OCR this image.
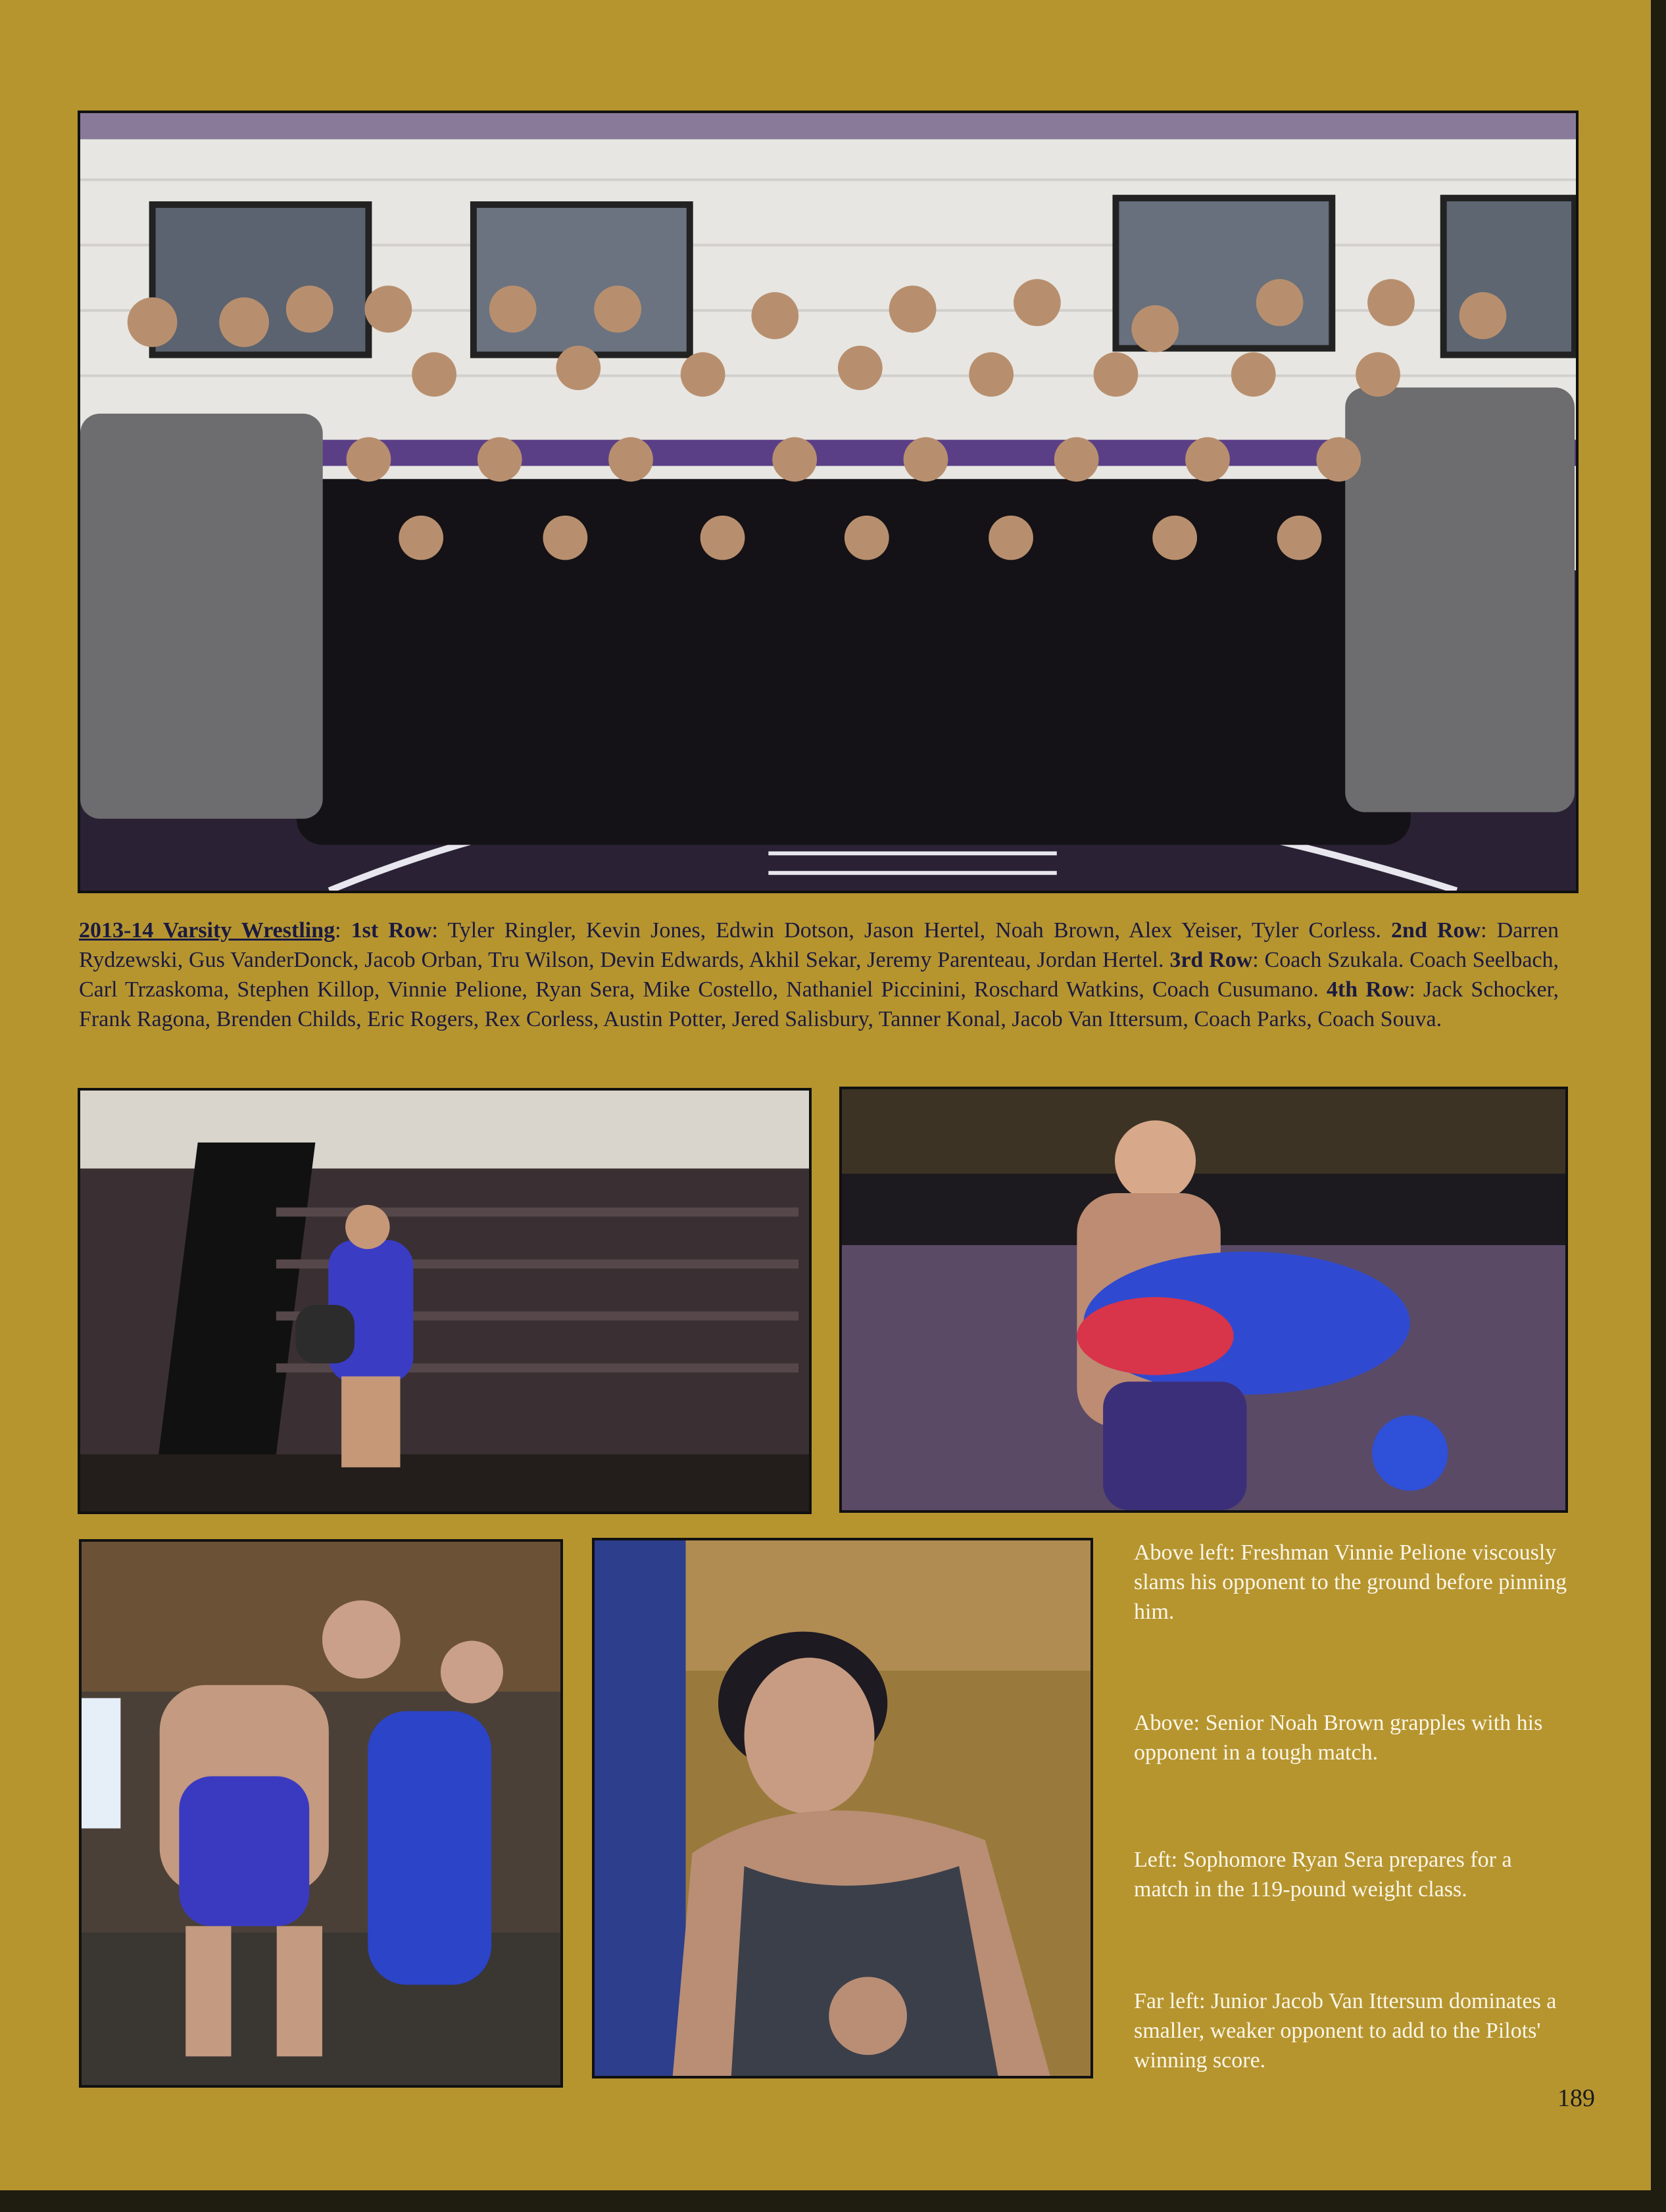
2013-14 Varsity Wrestling: 1st Row: Tyler Ringler, Kevin Jones, Edwin Dotson, Jason Hertel, Noah Brown, Alex Yeiser, Tyler Corless. 2nd Row: Darren Rydzewski, Gus VanderDonck, Jacob Orban, Tru Wilson, Devin Edwards, Akhil Sekar, Jeremy Parenteau, Jordan Hertel. 3rd Row: Coach Szukala. Coach Seelbach, Carl Trzaskoma, Stephen Killop, Vinnie Pelione, Ryan Sera, Mike Costello, Nathaniel Piccinini, Roschard Watkins, Coach Cusumano. 4th Row: Jack Schocker, Frank Ragona, Brenden Childs, Eric Rogers, Rex Corless, Austin Potter, Jered Salisbury, Tanner Konal, Jacob Van Ittersum, Coach Parks, Coach Souva.
Above left: Freshman Vinnie Pelione viscously slams his opponent to the ground before pinning him.
Above: Senior Noah Brown grapples with his opponent in a tough match.
Left: Sophomore Ryan Sera prepares for a match in the 119-pound weight class.
Far left: Junior Jacob Van Ittersum dominates a smaller, weaker opponent to add to the Pilots' winning score.
189
